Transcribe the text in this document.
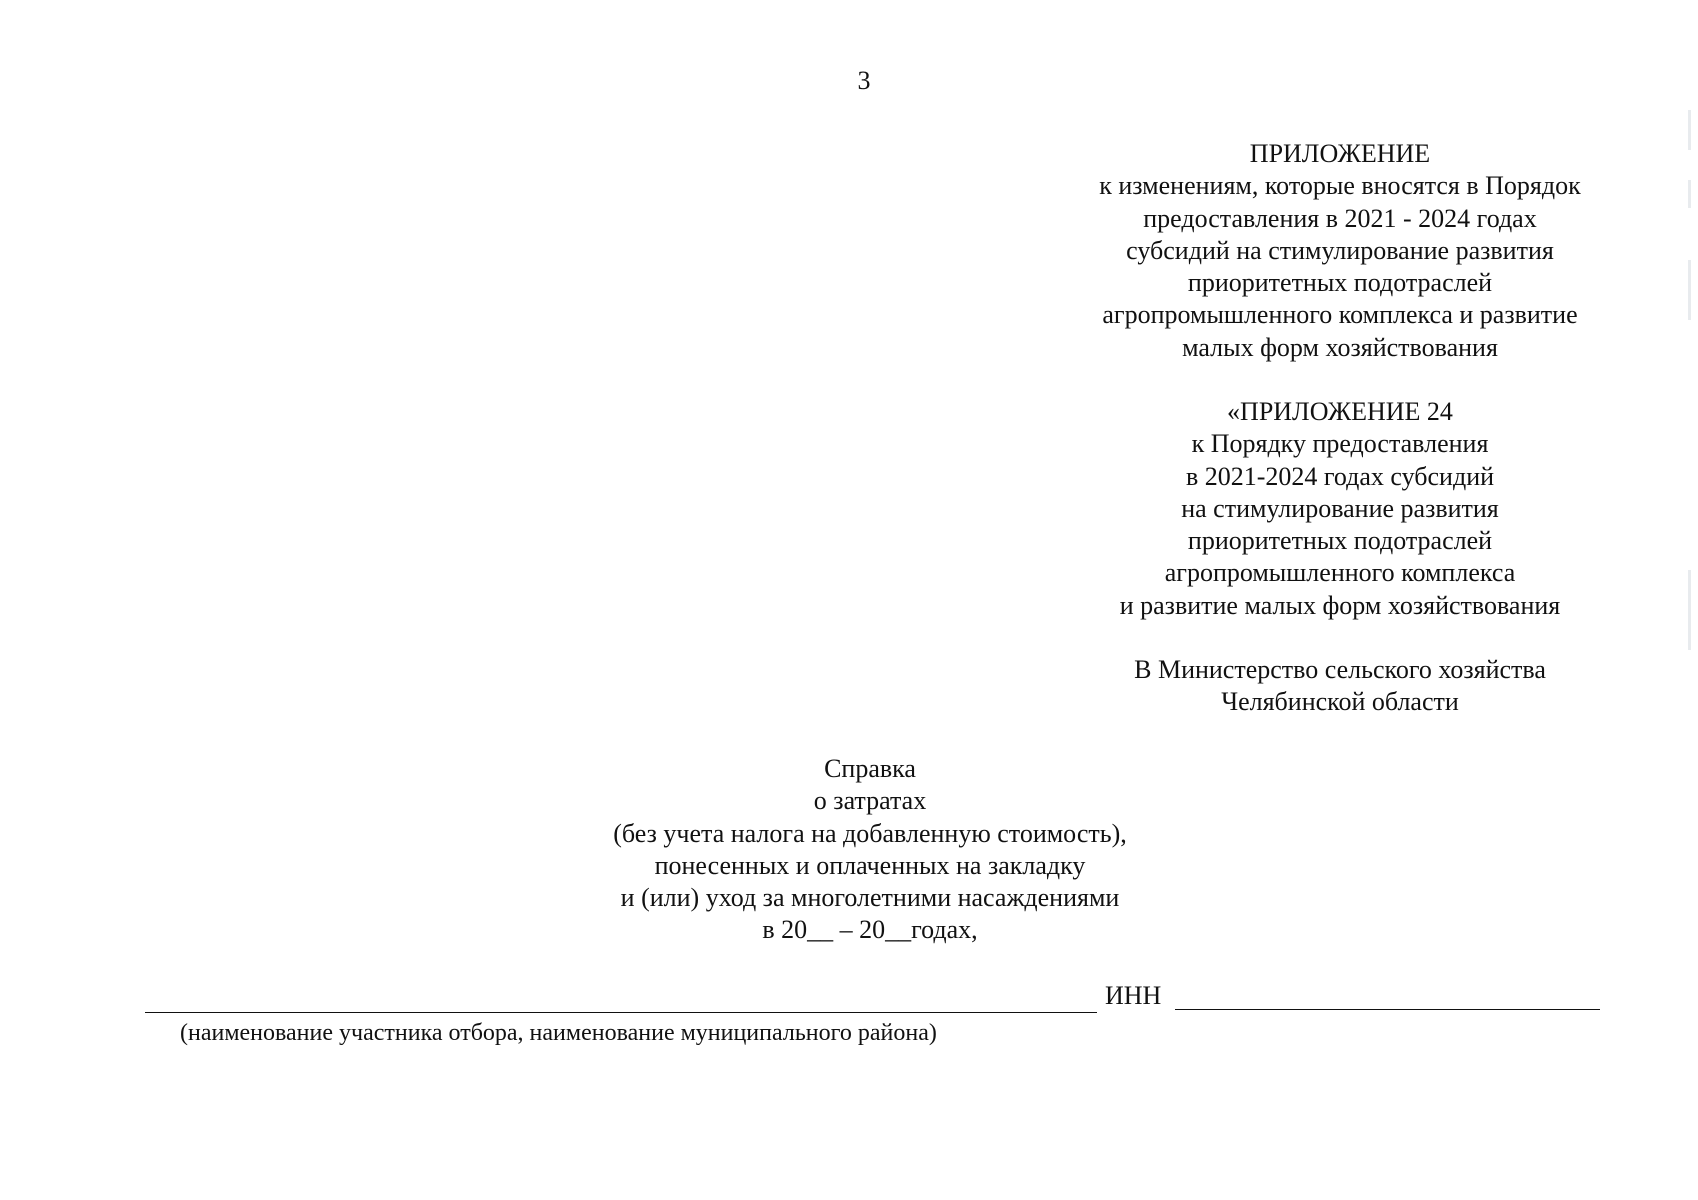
3
ПРИЛОЖЕНИЕ
к изменениям, которые вносятся в Порядок
предоставления в 2021 - 2024 годах
субсидий на стимулирование развития
приоритетных подотраслей
агропромышленного комплекса и развитие
малых форм хозяйствования
«ПРИЛОЖЕНИЕ 24
к Порядку предоставления
в 2021-2024 годах субсидий
на стимулирование развития
приоритетных подотраслей
агропромышленного комплекса
и развитие малых форм хозяйствования
В Министерство сельского хозяйства
Челябинской области
Справка
о затратах
(без учета налога на добавленную стоимость),
понесенных и оплаченных на закладку
и (или) уход за многолетними насаждениями
в 20__ – 20__годах,
ИНН
(наименование участника отбора, наименование муниципального района)
